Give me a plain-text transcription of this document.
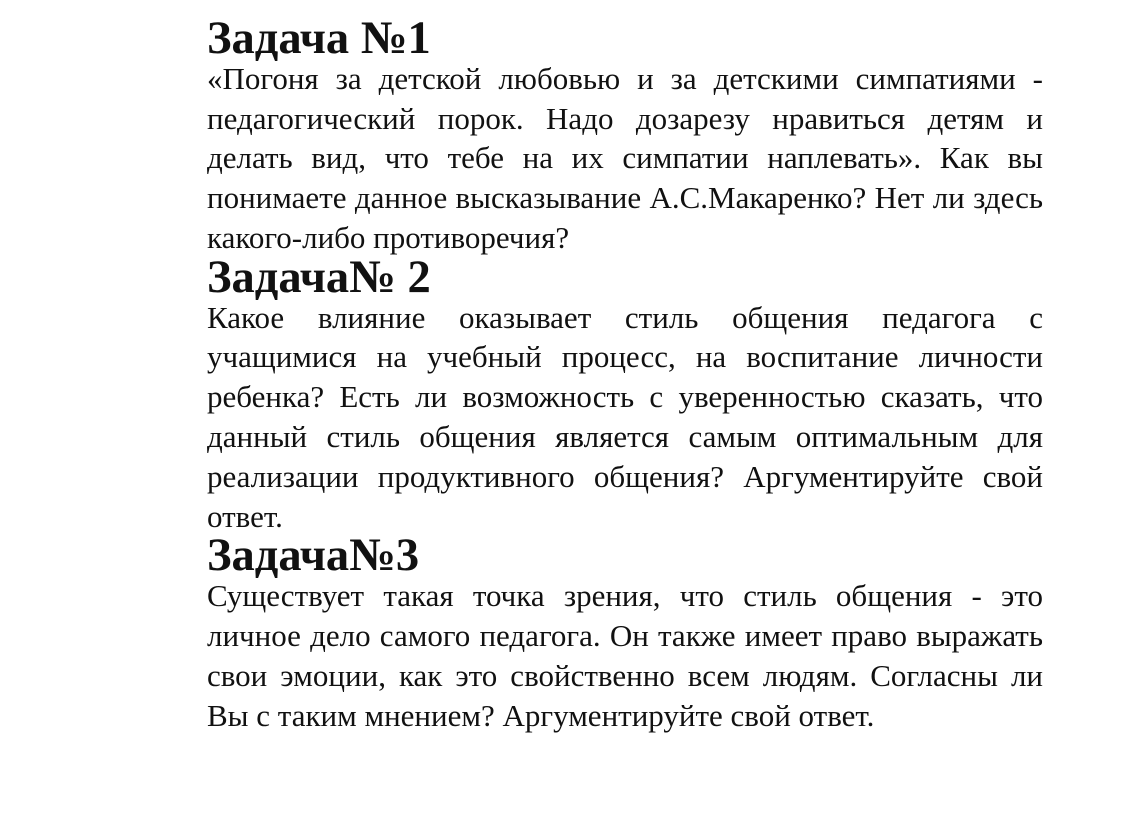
Задача №1

«Погоня за детской любовью и за детскими симпатиями - педагогический порок. Надо дозарезу нравиться детям и делать вид, что тебе на их симпатии наплевать». Как вы понимаете данное высказывание А.С.Макаренко? Нет ли здесь какого-либо противоречия?

Задача№ 2

Какое влияние оказывает стиль общения педагога с учащимися на учебный процесс, на воспитание личности ребенка? Есть ли возможность с уверенностью сказать, что данный стиль общения является самым оптимальным для реализации продуктивного общения? Аргументируйте свой ответ.

Задача№3

Существует такая точка зрения, что стиль общения - это личное дело самого педагога. Он также имеет право выражать свои эмоции, как это свойственно всем людям. Согласны ли Вы с таким мнением? Аргументируйте свой ответ.
